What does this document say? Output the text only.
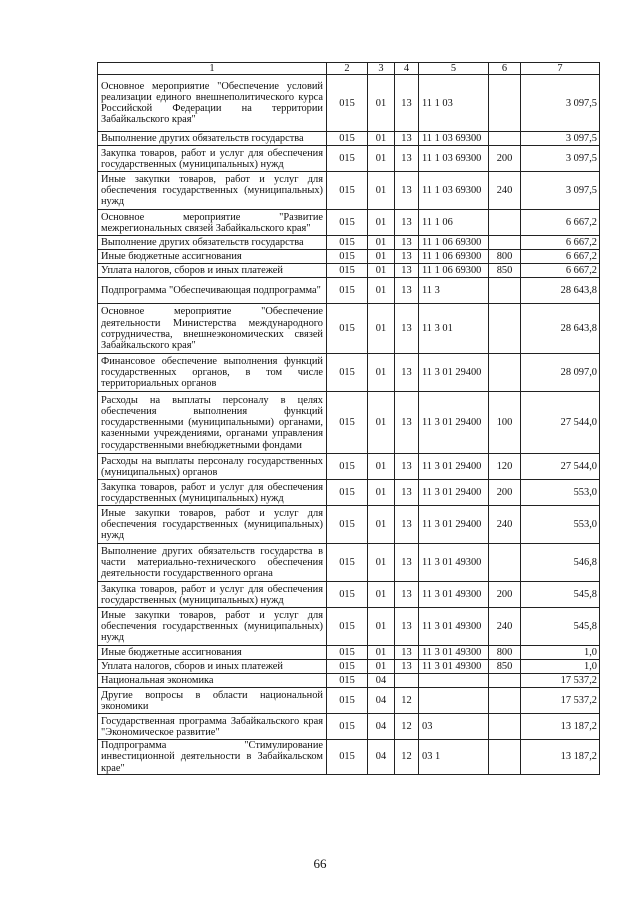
1	2	3	4	5	6	7
Основное мероприятие "Обеспечение условий реализации единого внешнеполитического курса Российской Федерации на территории Забайкальского края"	015	01	13	11 1 03		3 097,5
Выполнение других обязательств государства	015	01	13	11 1 03 69300		3 097,5
Закупка товаров, работ и услуг для обеспечения государственных (муниципальных) нужд	015	01	13	11 1 03 69300	200	3 097,5
Иные закупки товаров, работ и услуг для обеспечения государственных (муниципальных) нужд	015	01	13	11 1 03 69300	240	3 097,5
Основное мероприятие "Развитие межрегиональных связей Забайкальского края"	015	01	13	11 1 06		6 667,2
Выполнение других обязательств государства	015	01	13	11 1 06 69300		6 667,2
Иные бюджетные ассигнования	015	01	13	11 1 06 69300	800	6 667,2
Уплата налогов, сборов и иных платежей	015	01	13	11 1 06 69300	850	6 667,2
Подпрограмма "Обеспечивающая подпрограмма"	015	01	13	11 3		28 643,8
Основное мероприятие "Обеспечение деятельности Министерства международного сотрудничества, внешнеэкономических связей Забайкальского края"	015	01	13	11 3 01		28 643,8
Финансовое обеспечение выполнения функций государственных органов, в том числе территориальных органов	015	01	13	11 3 01 29400		28 097,0
Расходы на выплаты персоналу в целях обеспечения выполнения функций государственными (муниципальными) органами, казенными учреждениями, органами управления государственными внебюджетными фондами	015	01	13	11 3 01 29400	100	27 544,0
Расходы на выплаты персоналу государственных (муниципальных) органов	015	01	13	11 3 01 29400	120	27 544,0
Закупка товаров, работ и услуг для обеспечения государственных (муниципальных) нужд	015	01	13	11 3 01 29400	200	553,0
Иные закупки товаров, работ и услуг для обеспечения государственных (муниципальных) нужд	015	01	13	11 3 01 29400	240	553,0
Выполнение других обязательств государства в части материально-технического обеспечения деятельности государственного органа	015	01	13	11 3 01 49300		546,8
Закупка товаров, работ и услуг для обеспечения государственных (муниципальных) нужд	015	01	13	11 3 01 49300	200	545,8
Иные закупки товаров, работ и услуг для обеспечения государственных (муниципальных) нужд	015	01	13	11 3 01 49300	240	545,8
Иные бюджетные ассигнования	015	01	13	11 3 01 49300	800	1,0
Уплата налогов, сборов и иных платежей	015	01	13	11 3 01 49300	850	1,0
Национальная экономика	015	04				17 537,2
Другие вопросы в области национальной экономики	015	04	12			17 537,2
Государственная программа Забайкальского края "Экономическое развитие"	015	04	12	03		13 187,2
Подпрограмма "Стимулирование инвестиционной деятельности в Забайкальском крае"	015	04	12	03 1		13 187,2
66
